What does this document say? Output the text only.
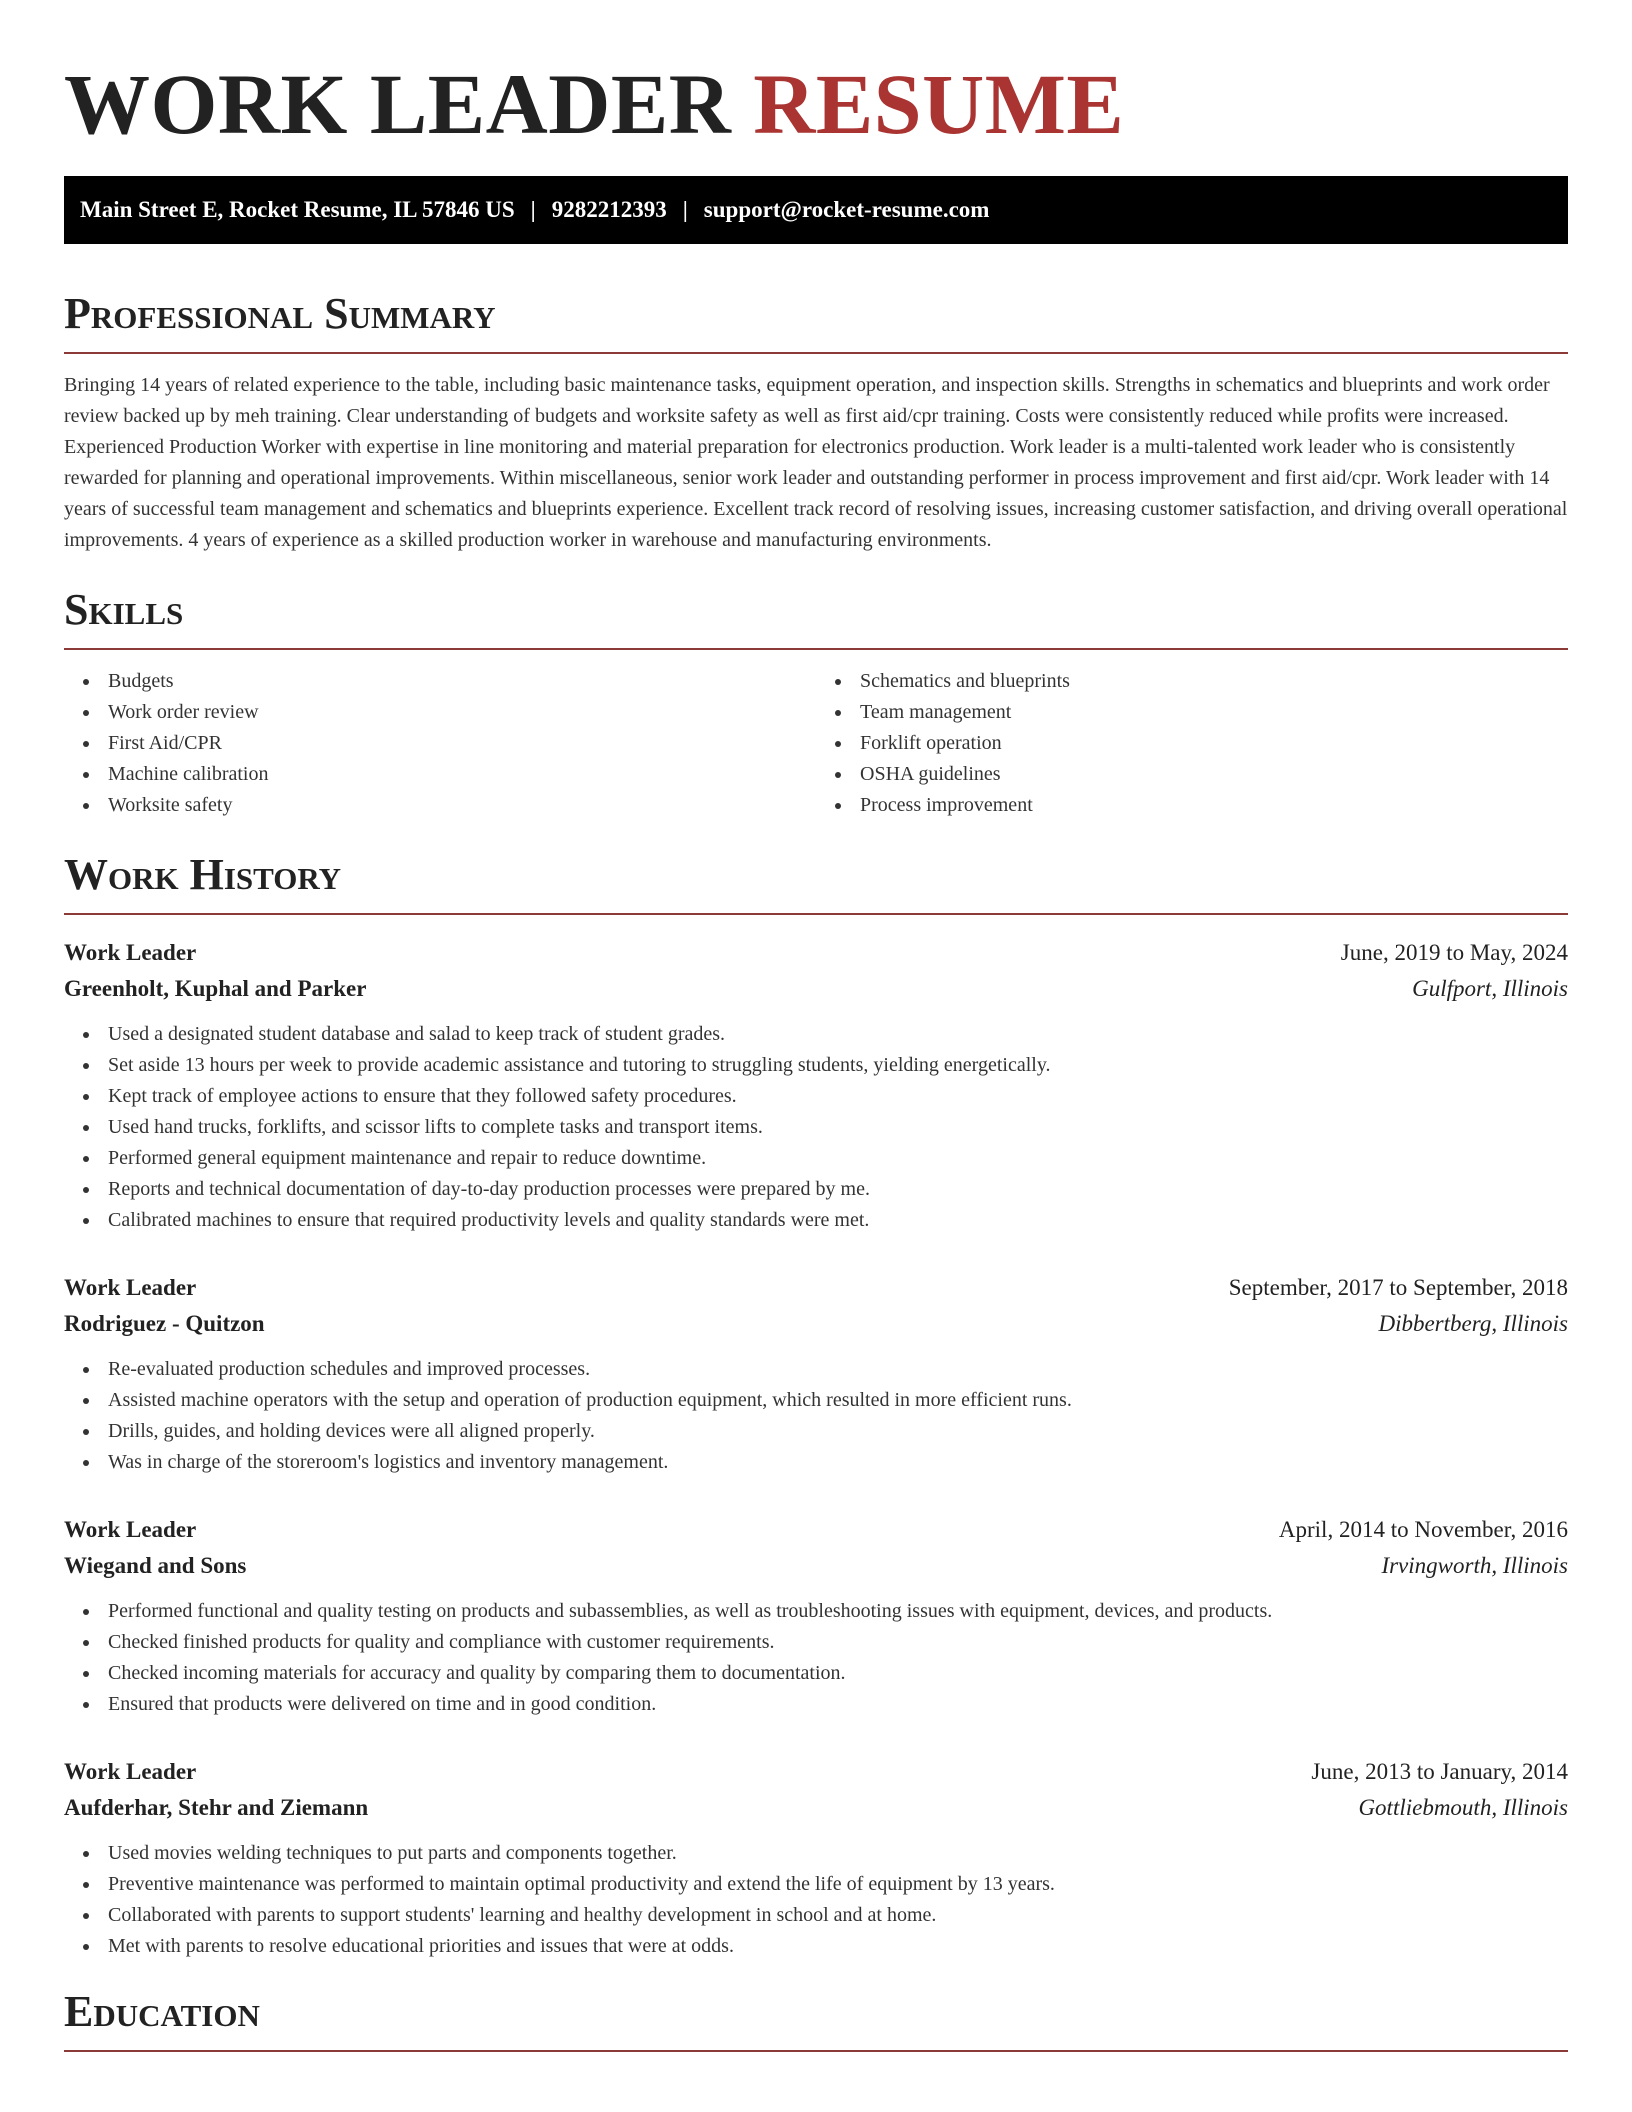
WORK LEADER RESUME
Main Street E, Rocket Resume, IL 57846 US | 9282212393 | support@rocket-resume.com
Professional Summary

Bringing 14 years of related experience to the table, including basic maintenance tasks, equipment operation, and inspection skills. Strengths in schematics and blueprints and work order review backed up by meh training. Clear understanding of budgets and worksite safety as well as first aid/cpr training. Costs were consistently reduced while profits were increased. Experienced Production Worker with expertise in line monitoring and material preparation for electronics production. Work leader is a multi-talented work leader who is consistently rewarded for planning and operational improvements. Within miscellaneous, senior work leader and outstanding performer in process improvement and first aid/cpr. Work leader with 14 years of successful team management and schematics and blueprints experience. Excellent track record of resolving issues, increasing customer satisfaction, and driving overall operational improvements. 4 years of experience as a skilled production worker in warehouse and manufacturing environments.

Skills
Budgets
Work order review
First Aid/CPR
Machine calibration
Worksite safety
Schematics and blueprints
Team management
Forklift operation
OSHA guidelines
Process improvement
Work History
Work Leader	June, 2019 to May, 2024
Greenholt, Kuphal and Parker	Gulfport, Illinois
Used a designated student database and salad to keep track of student grades.
Set aside 13 hours per week to provide academic assistance and tutoring to struggling students, yielding energetically.
Kept track of employee actions to ensure that they followed safety procedures.
Used hand trucks, forklifts, and scissor lifts to complete tasks and transport items.
Performed general equipment maintenance and repair to reduce downtime.
Reports and technical documentation of day-to-day production processes were prepared by me.
Calibrated machines to ensure that required productivity levels and quality standards were met.
Work Leader	September, 2017 to September, 2018
Rodriguez - Quitzon	Dibbertberg, Illinois
Re-evaluated production schedules and improved processes.
Assisted machine operators with the setup and operation of production equipment, which resulted in more efficient runs.
Drills, guides, and holding devices were all aligned properly.
Was in charge of the storeroom's logistics and inventory management.
Work Leader	April, 2014 to November, 2016
Wiegand and Sons	Irvingworth, Illinois
Performed functional and quality testing on products and subassemblies, as well as troubleshooting issues with equipment, devices, and products.
Checked finished products for quality and compliance with customer requirements.
Checked incoming materials for accuracy and quality by comparing them to documentation.
Ensured that products were delivered on time and in good condition.
Work Leader	June, 2013 to January, 2014
Aufderhar, Stehr and Ziemann	Gottliebmouth, Illinois
Used movies welding techniques to put parts and components together.
Preventive maintenance was performed to maintain optimal productivity and extend the life of equipment by 13 years.
Collaborated with parents to support students' learning and healthy development in school and at home.
Met with parents to resolve educational priorities and issues that were at odds.
Education
